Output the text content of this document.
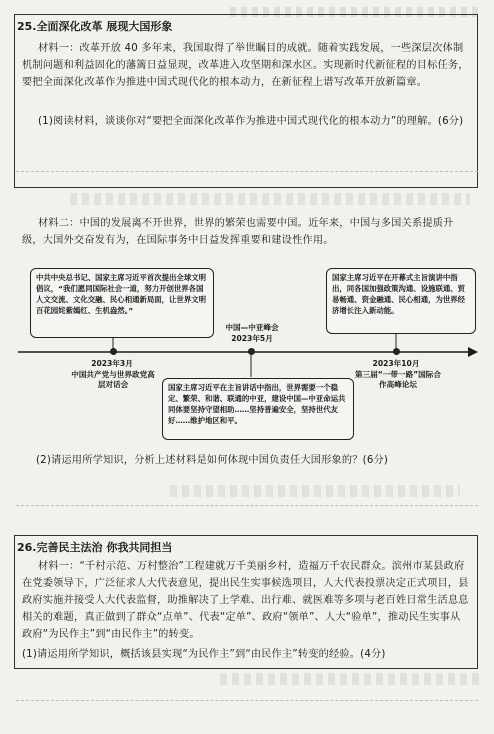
25.全面深化改革 展现大国形象
材料一：改革开放 40 多年来，我国取得了举世瞩目的成就。随着实践发展，一些深层次体制机制问题和利益固化的藩篱日益显现，改革进入攻坚期和深水区。实现新时代新征程的目标任务，要把全面深化改革作为推进中国式现代化的根本动力，在新征程上谱写改革开放新篇章。
(1)阅读材料，谈谈你对“要把全面深化改革作为推进中国式现代化的根本动力”的理解。(6分)
材料二：中国的发展离不开世界，世界的繁荣也需要中国。近年来，中国与多国关系提质升级，大国外交奋发有为，在国际事务中日益发挥重要和建设性作用。
中共中央总书记、国家主席习近平首次提出全球文明倡议，“我们愿同国际社会一道，努力开创世界各国人文交流、文化交融、民心相通新局面，让世界文明百花园姹紫嫣红、生机盎然。”
国家主席习近平在主旨讲话中指出，世界需要一个稳定、繁荣、和谐、联通的中亚，建设中国—中亚命运共同体要坚持守望相助……坚持普遍安全，坚持世代友好……维护地区和平。
国家主席习近平在开幕式主旨演讲中指出，同各国加强政策沟通、设施联通、贸易畅通、资金融通、民心相通，为世界经济增长注入新动能。
2023年3月
中国共产党与世界政党高层对话会
中国—中亚峰会
2023年5月
2023年10月
第三届“一带一路”国际合作高峰论坛
(2)请运用所学知识，分析上述材料是如何体现中国负责任大国形象的？(6分)
26.完善民主法治 你我共同担当
材料一：“千村示范、万村整治”工程建就万千美丽乡村，造福万千农民群众。滨州市某县政府在党委领导下，广泛征求人大代表意见，提出民生实事候选项目，人大代表投票决定正式项目，县政府实施并接受人大代表监督，助推解决了上学难、出行难、就医难等多项与老百姓日常生活息息相关的难题，真正做到了群众“点单”、代表“定单”、政府“领单”、人大“验单”，推动民生实事从政府“为民作主”到“由民作主”的转变。
(1)请运用所学知识，概括该县实现“为民作主”到“由民作主”转变的经验。(4分)
